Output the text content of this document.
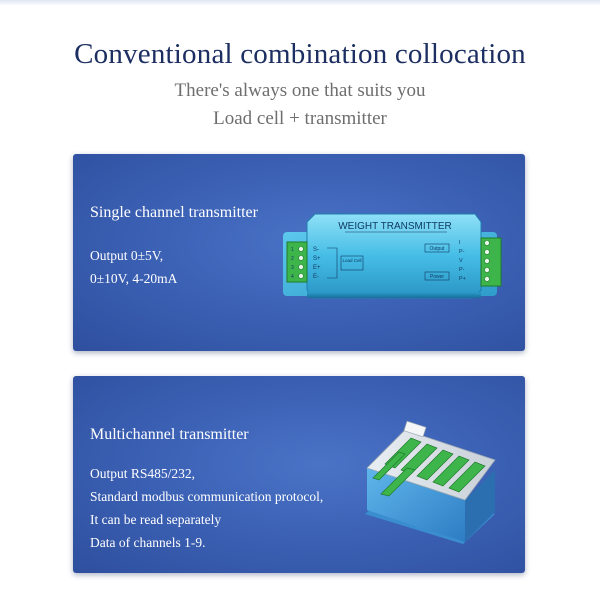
Conventional combination collocation
There's always one that suits you
Load cell + transmitter
Single channel transmitter
Output 0±5V,
0±10V, 4-20mA
WEIGHT TRANSMITTER
1
2
3
4
S-
S+
E+
E-
Load Cell
Output
Power
I
P-
V
P-
P+
Multichannel transmitter
Output RS485/232,
Standard modbus communication protocol,
It can be read separately
Data of channels 1-9.
